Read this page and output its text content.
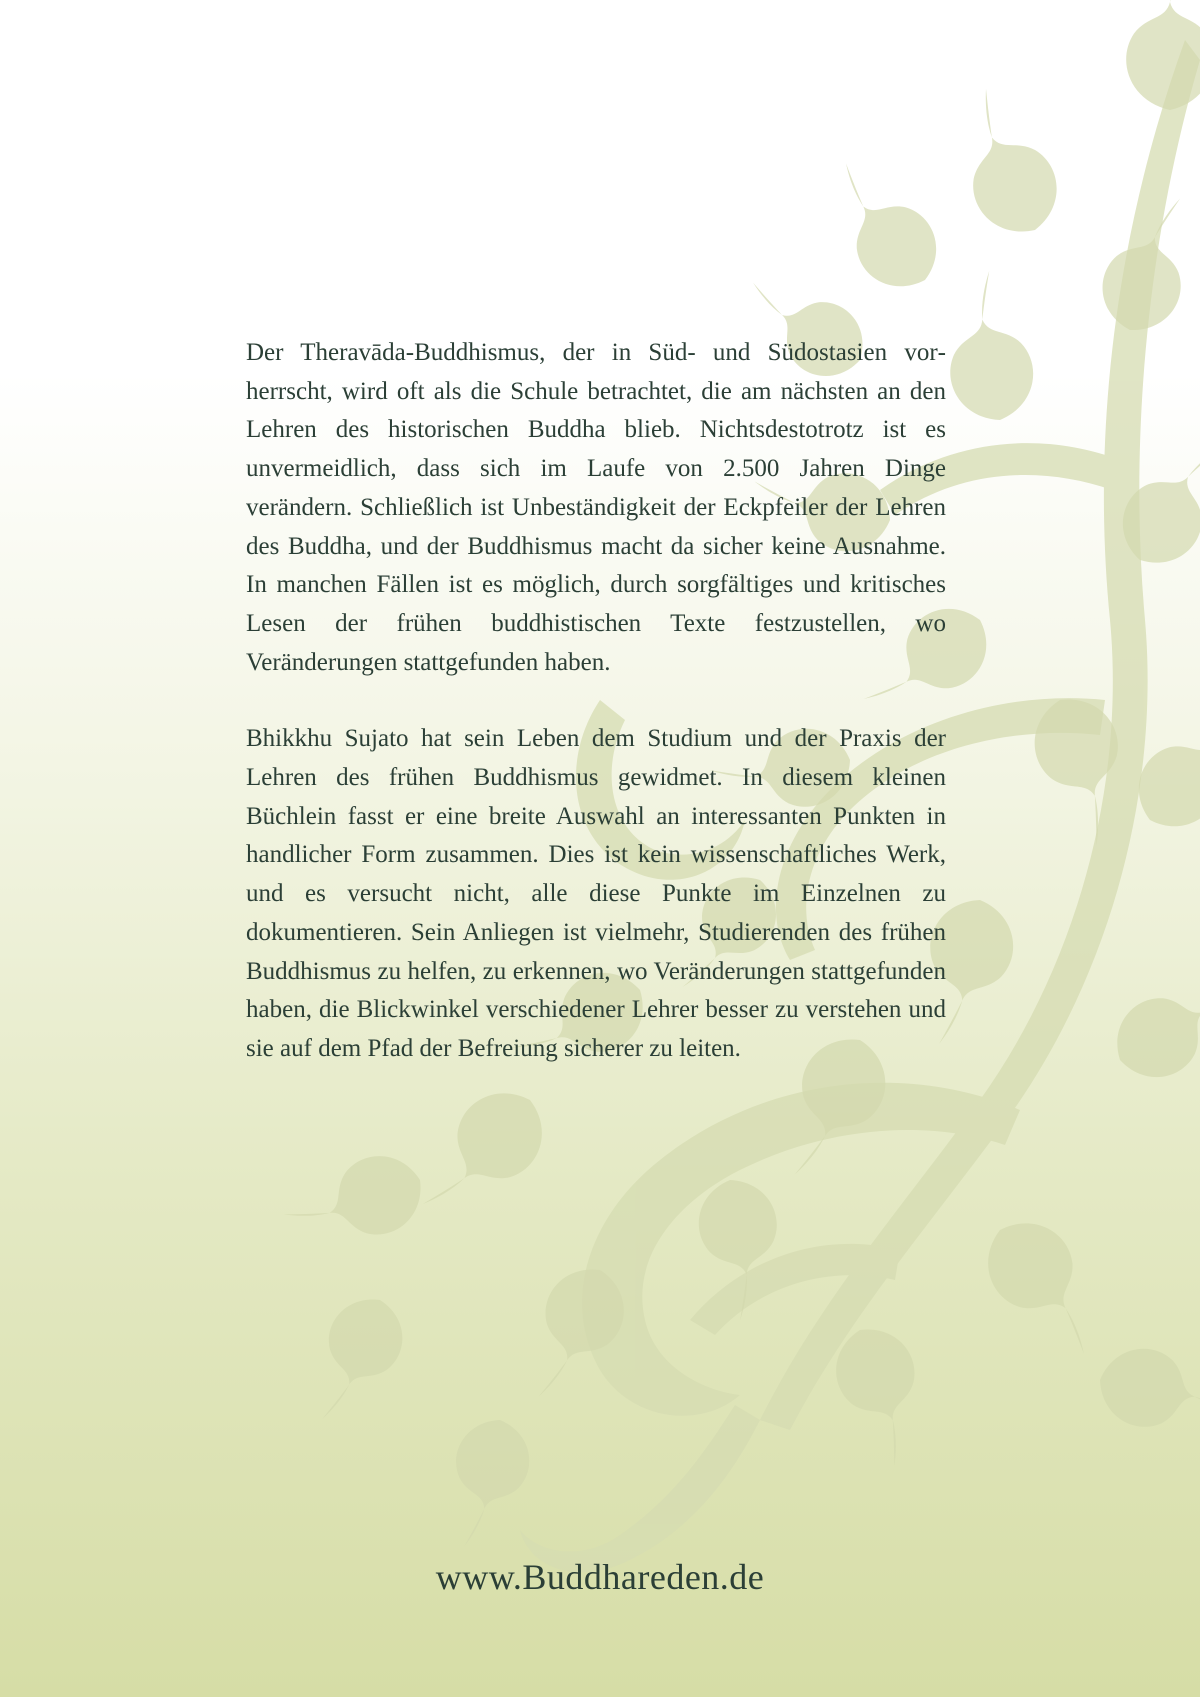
Der Theravāda-Buddhismus, der in Süd- und Südostasien vorherrscht, wird oft als die Schule betrachtet, die am nächsten an den Lehren des historischen Buddha blieb. Nichtsdestotrotz ist es unvermeidlich, dass sich im Laufe von 2.500 Jahren Dinge verändern. Schließlich ist Unbeständigkeit der Eckpfeiler der Lehren des Buddha, und der Buddhismus macht da sicher keine Ausnahme. In manchen Fällen ist es möglich, durch sorgfältiges und kritisches Lesen der frühen buddhistischen Texte festzustellen, wo Veränderungen stattgefunden haben.

Bhikkhu Sujato hat sein Leben dem Studium und der Praxis der Lehren des frühen Buddhismus gewidmet. In diesem kleinen Büchlein fasst er eine breite Auswahl an interessanten Punkten in handlicher Form zusammen. Dies ist kein wissenschaftliches Werk, und es versucht nicht, alle diese Punkte im Einzelnen zu dokumentieren. Sein Anliegen ist vielmehr, Studierenden des frühen Buddhismus zu helfen, zu erkennen, wo Veränderungen stattgefunden haben, die Blickwinkel verschiedener Lehrer besser zu verstehen und sie auf dem Pfad der Befreiung sicherer zu leiten.

www.Buddhareden.de
